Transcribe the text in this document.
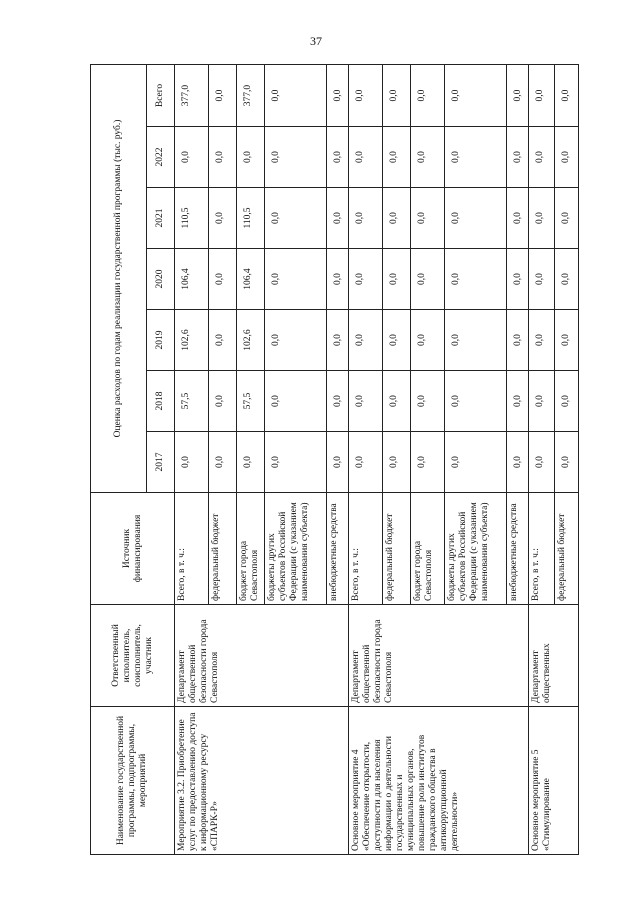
37
Наименование государственной программы, подпрограммы, мероприятий	Ответственный исполнитель, соисполнитель, участник	Источник финансирования	Оценка расходов по годам реализации государственной программы (тыс. руб.)						
			2017	2018	2019	2020	2021	2022	Всего
Мероприятие 3.2. Приобретение услуг по предоставлению доступа к информационному ресурсу «СПАРК-Р»	Департамент общественной безопасности города Севастополя	Всего, в т. ч.:	0,0	57,5	102,6	106,4	110,5	0,0	377,0
		федеральный бюджет	0,0	0,0	0,0	0,0	0,0	0,0	0,0
		бюджет города Севастополя	0,0	57,5	102,6	106,4	110,5	0,0	377,0
		бюджеты других субъектов Российской Федерации (с указанием наименования субъекта)	0,0	0,0	0,0	0,0	0,0	0,0	0,0
		внебюджетные средства	0,0	0,0	0,0	0,0	0,0	0,0	0,0
Основное мероприятие 4 «Обеспечение открытости, доступности для населения информации о деятельности государственных и муниципальных органов, повышение роли институтов гражданского общества в антикоррупционной деятельности»	Департамент общественной безопасности города Севастополя	Всего, в т. ч.:	0,0	0,0	0,0	0,0	0,0	0,0	0,0
		федеральный бюджет	0,0	0,0	0,0	0,0	0,0	0,0	0,0
		бюджет города Севастополя	0,0	0,0	0,0	0,0	0,0	0,0	0,0
		бюджеты других субъектов Российской Федерации (с указанием наименования субъекта)	0,0	0,0	0,0	0,0	0,0	0,0	0,0
		внебюджетные средства	0,0	0,0	0,0	0,0	0,0	0,0	0,0
Основное мероприятие 5 «Стимулирование	Департамент общественных	Всего, в т. ч.:	0,0	0,0	0,0	0,0	0,0	0,0	0,0
		федеральный бюджет	0,0	0,0	0,0	0,0	0,0	0,0	0,0
